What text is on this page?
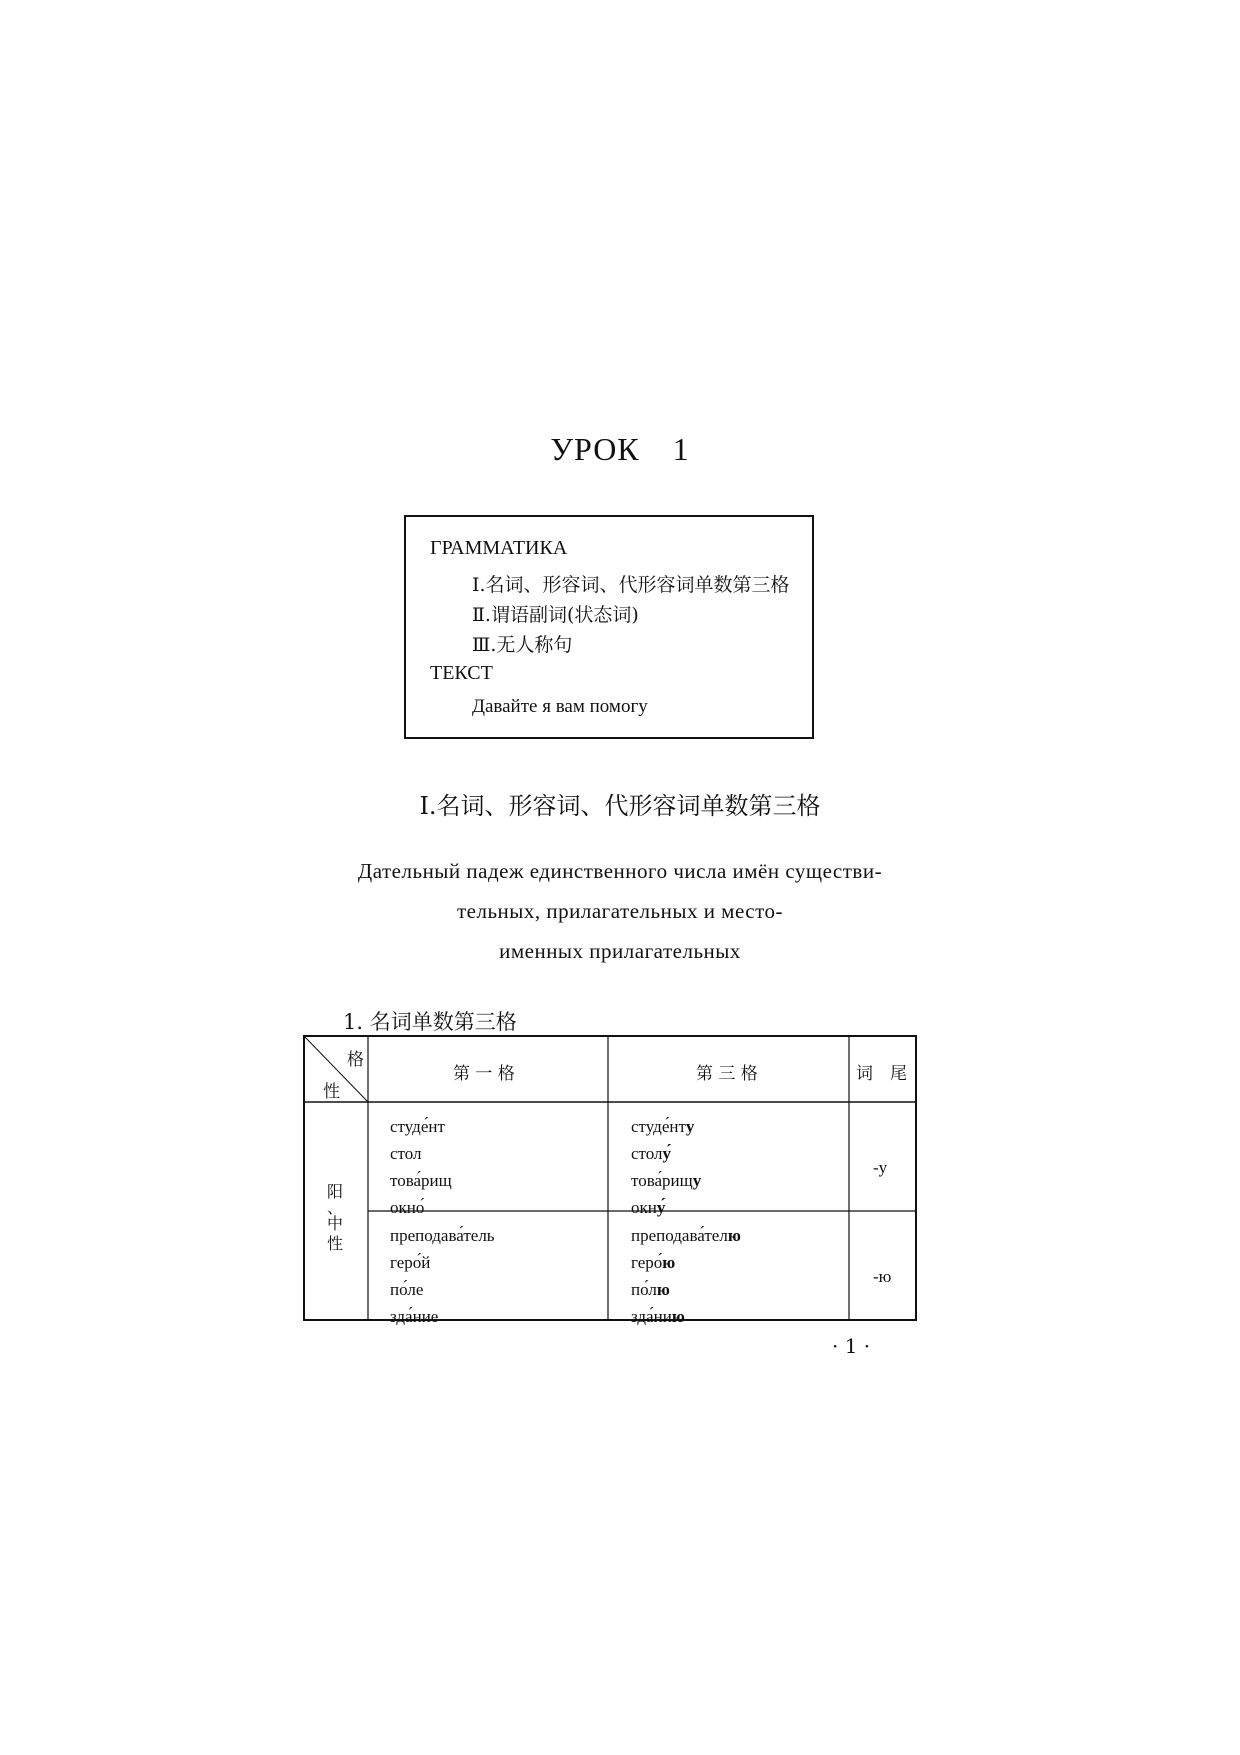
УРОК　1
ГРАММАТИКА
Ⅰ.名词、形容词、代形容词单数第三格
Ⅱ.谓语副词(状态词)
Ⅲ.无人称句
ТЕКСТ
Давайте я вам помогу
Ⅰ.名词、形容词、代形容词单数第三格
Дательный падеж единственного числа имён существи-
тельных, прилагательных и место-
именных прилагательных
1. 名词单数第三格
格
性
第 一 格	第 三 格	词　尾
阳
、
中
性
студе́нт
стол
това́рищ
окно́
преподава́тель
геро́й
по́ле
зда́ние
студе́нту
столу́
това́рищу
окну́
преподава́телю
геро́ю
по́лю
зда́нию
-у
-ю
· 1 ·
